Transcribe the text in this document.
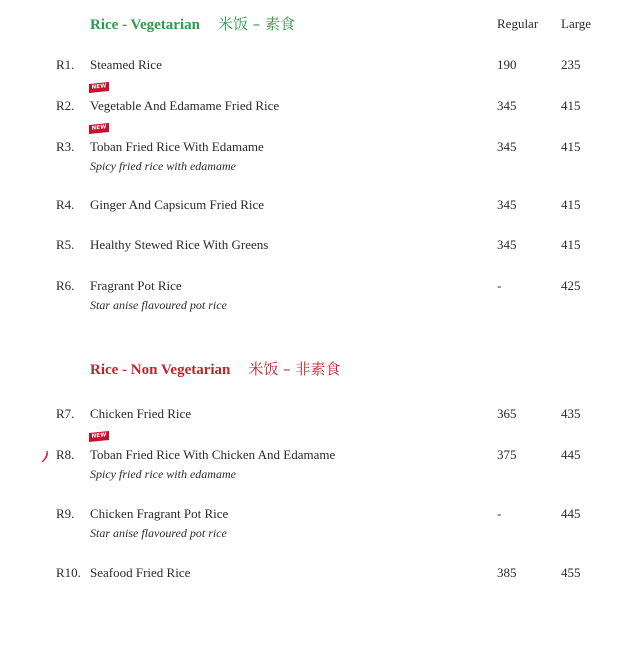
Rice - Vegetarian 米饭 – 素食	Regular Large
R1. Steamed Rice	190	235
NEW
R2. Vegetable And Edamame Fried Rice	345	415
NEW
R3. Toban Fried Rice With Edamame	345	415
Spicy fried rice with edamame
R4. Ginger And Capsicum Fried Rice	345	415
R5. Healthy Stewed Rice With Greens	345	415
R6. Fragrant Pot Rice	-	425
Star anise flavoured pot rice
Rice - Non Vegetarian 米饭 – 非素食
R7. Chicken Fried Rice	365	435
NEW
R8. Toban Fried Rice With Chicken And Edamame	375	445
Spicy fried rice with edamame
R9. Chicken Fragrant Pot Rice	-	445
Star anise flavoured pot rice
R10. Seafood Fried Rice	385	455
